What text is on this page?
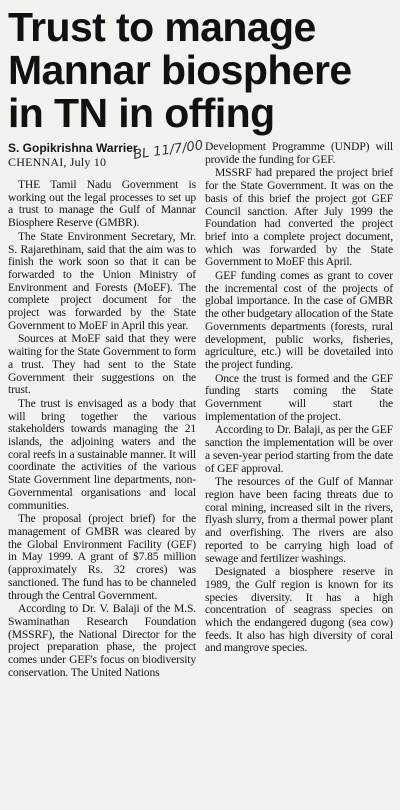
Trust to manage
Mannar biosphere
in TN in offing
BL 11/7/00

S. Gopikrishna Warrier

CHENNAI, July 10

THE Tamil Nadu Government is working out the legal processes to set up a trust to manage the Gulf of Mannar Biosphere Reserve (GMBR).

The State Environment Secretary, Mr. S. Rajarethinam, said that the aim was to finish the work soon so that it can be forwarded to the Union Ministry of Environment and Forests (MoEF). The complete project document for the project was forwarded by the State Government to MoEF in April this year.

Sources at MoEF said that they were waiting for the State Government to form a trust. They had sent to the State Government their suggestions on the trust.

The trust is envisaged as a body that will bring together the various stakeholders towards managing the 21 islands, the adjoining waters and the coral reefs in a sustainable manner. It will coordinate the activities of the various State Government line departments, non-Governmental organisations and local communities.

The proposal (project brief) for the management of GMBR was cleared by the Global Environment Facility (GEF) in May 1999. A grant of $7.85 million (approximately Rs. 32 crores) was sanctioned. The fund has to be channeled through the Central Government.

According to Dr. V. Balaji of the M.S. Swaminathan Research Foundation (MSSRF), the National Director for the project preparation phase, the project comes under GEF's focus on biodiversity conservation. The United Nations

Development Programme (UNDP) will provide the funding for GEF.

MSSRF had prepared the project brief for the State Government. It was on the basis of this brief the project got GEF Council sanction. After July 1999 the Foundation had converted the project brief into a complete project document, which was forwarded by the State Government to MoEF this April.

GEF funding comes as grant to cover the incremental cost of the projects of global importance. In the case of GMBR the other budgetary allocation of the State Governments departments (forests, rural development, public works, fisheries, agriculture, etc.) will be dovetailed into the project funding.

Once the trust is formed and the GEF funding starts coming the State Government will start the implementation of the project.

According to Dr. Balaji, as per the GEF sanction the implementation will be over a seven-year period starting from the date of GEF approval.

The resources of the Gulf of Mannar region have been facing threats due to coral mining, increased silt in the rivers, flyash slurry, from a thermal power plant and overfishing. The rivers are also reported to be carrying high load of sewage and fertilizer washings.

Designated a biosphere reserve in 1989, the Gulf region is known for its species diversity. It has a high concentration of seagrass species on which the endangered dugong (sea cow) feeds. It also has high diversity of coral and mangrove species.
